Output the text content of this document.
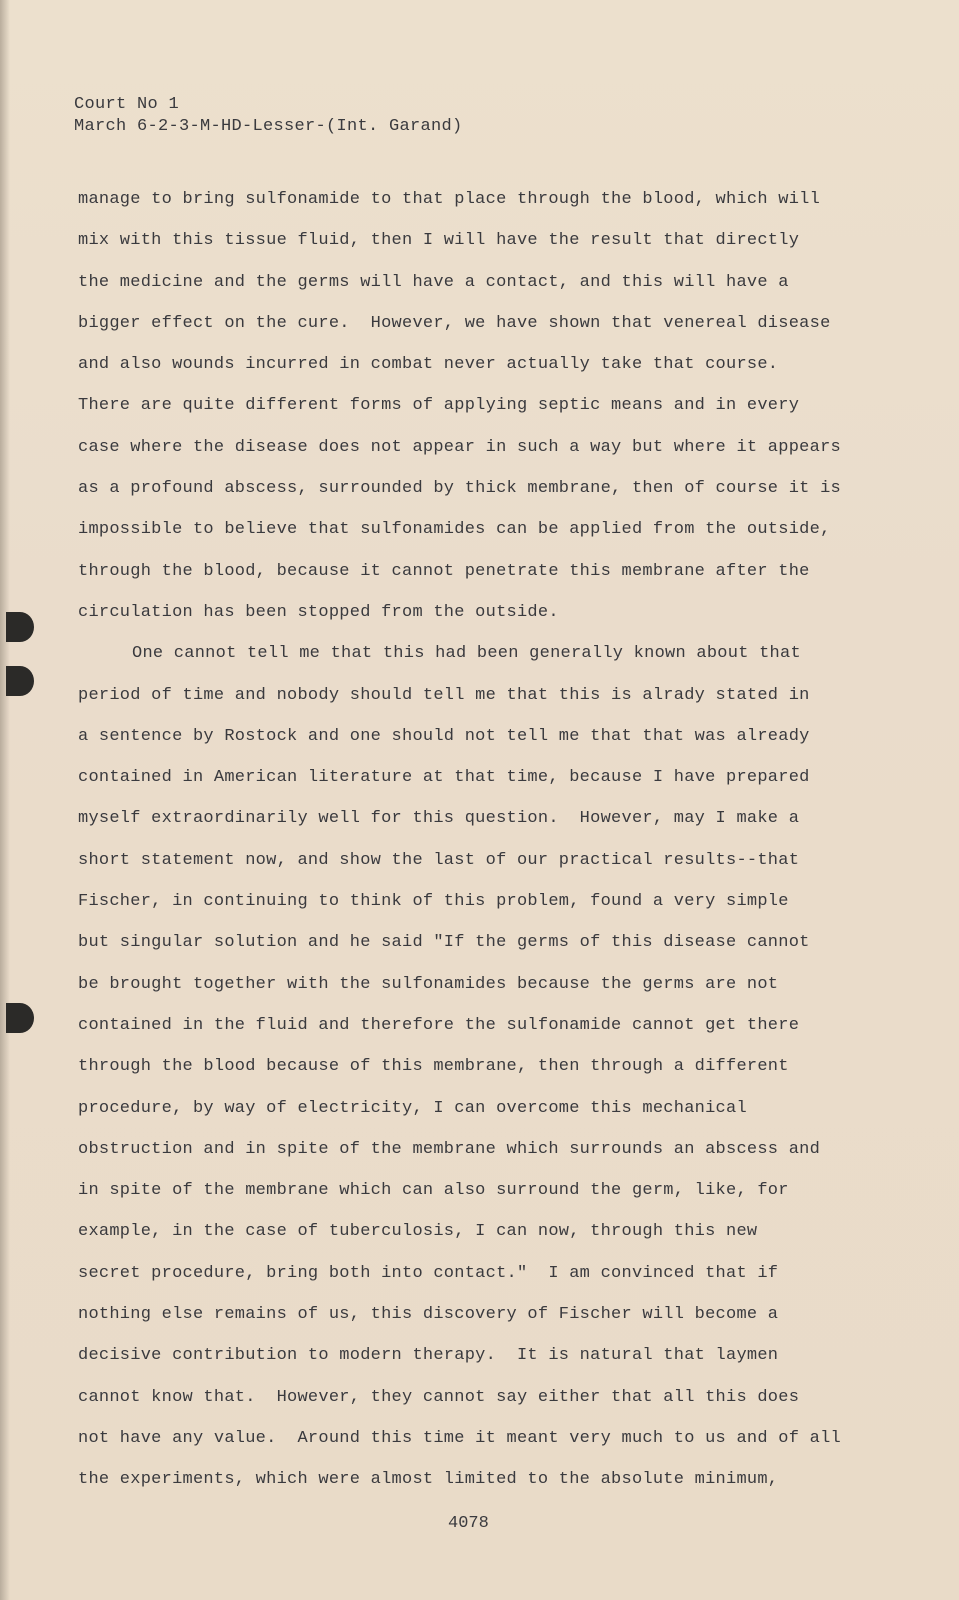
Court No 1
March 6-2-3-M-HD-Lesser-(Int. Garand)
manage to bring sulfonamide to that place through the blood, which will
mix with this tissue fluid, then I will have the result that directly
the medicine and the germs will have a contact, and this will have a
bigger effect on the cure.  However, we have shown that venereal disease
and also wounds incurred in combat never actually take that course.
There are quite different forms of applying septic means and in every
case where the disease does not appear in such a way but where it appears
as a profound abscess, surrounded by thick membrane, then of course it is
impossible to believe that sulfonamides can be applied from the outside,
through the blood, because it cannot penetrate this membrane after the
circulation has been stopped from the outside.
One cannot tell me that this had been generally known about that
period of time and nobody should tell me that this is alrady stated in
a sentence by Rostock and one should not tell me that that was already
contained in American literature at that time, because I have prepared
myself extraordinarily well for this question.  However, may I make a
short statement now, and show the last of our practical results--that
Fischer, in continuing to think of this problem, found a very simple
but singular solution and he said "If the germs of this disease cannot
be brought together with the sulfonamides because the germs are not
contained in the fluid and therefore the sulfonamide cannot get there
through the blood because of this membrane, then through a different
procedure, by way of electricity, I can overcome this mechanical
obstruction and in spite of the membrane which surrounds an abscess and
in spite of the membrane which can also surround the germ, like, for
example, in the case of tuberculosis, I can now, through this new
secret procedure, bring both into contact."  I am convinced that if
nothing else remains of us, this discovery of Fischer will become a
decisive contribution to modern therapy.  It is natural that laymen
cannot know that.  However, they cannot say either that all this does
not have any value.  Around this time it meant very much to us and of all
the experiments, which were almost limited to the absolute minimum,
4078
